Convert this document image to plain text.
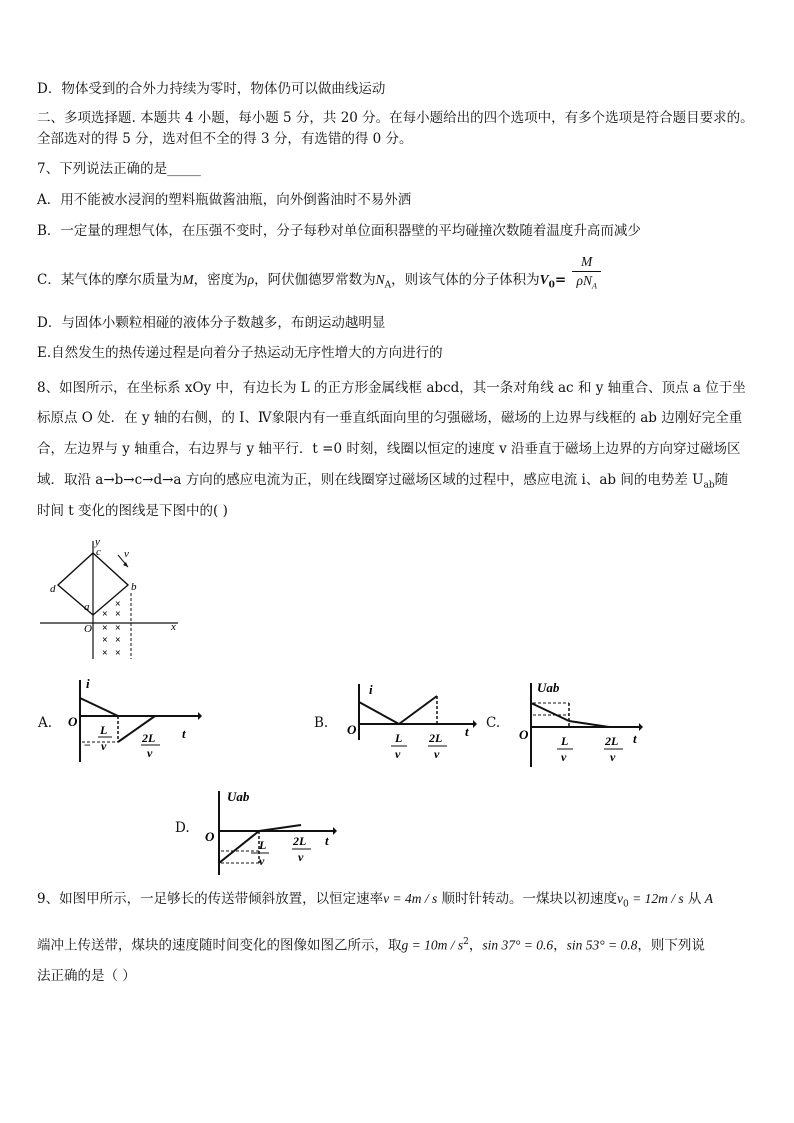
D．物体受到的合外力持续为零时，物体仍可以做曲线运动
二、多项选择题. 本题共 4 小题，每小题 5 分，共 20 分。在每小题给出的四个选项中，有多个选项是符合题目要求的。
全部选对的得 5 分，选对但不全的得 3 分，有选错的得 0 分。
7、下列说法正确的是_____
A．用不能被水浸润的塑料瓶做酱油瓶，向外倒酱油时不易外洒
B．一定量的理想气体，在压强不变时，分子每秒对单位面积器壁的平均碰撞次数随着温度升高而减少
C．某气体的摩尔质量为M，密度为ρ，阿伏伽德罗常数为$N_A$，则该气体的分子体积为$V_0= \frac{M}{\rho N_A}$
D．与固体小颗粒相碰的液体分子数越多，布朗运动越明显
E.自然发生的热传递过程是向着分子热运动无序性增大的方向进行的
8、如图所示，在坐标系 xOy 中，有边长为 L 的正方形金属线框 abcd，其一条对角线 ac 和 y 轴重合、顶点 a 位于坐
标原点 O 处．在 y 轴的右侧，的 I、Ⅳ象限内有一垂直纸面向里的匀强磁场，磁场的上边界与线框的 ab 边刚好完全重
合，左边界与 y 轴重合，右边界与 y 轴平行．t =0 时刻，线圈以恒定的速度 v 沿垂直于磁场上边界的方向穿过磁场区
域．取沿 a→b→c→d→a 方向的感应电流为正，则在线圈穿过磁场区域的过程中，感应电流 i、ab 间的电势差 $U_{ab}$随
时间 t 变化的图线是下图中的( )
y
c v
d	b
a
O	x
×
× ×
× ×
× ×
× ×
A.
i
O
t
L
− v
2L
v
B.
i
O	t
L
v
2L
v
C.
Uab
O	t
L
v
2L
v
D.
Uab
O	t
L
v
2L
v
9、如图甲所示，一足够长的传送带倾斜放置，以恒定速率v = 4m / s 顺时针转动。一煤块以初速度$v_0 = 12m / s$ 从 A
端冲上传送带，煤块的速度随时间变化的图像如图乙所示，取$g = 10m / s^2$，sin 37° = 0.6，sin 53° = 0.8，则下列说
法正确的是（ ）
